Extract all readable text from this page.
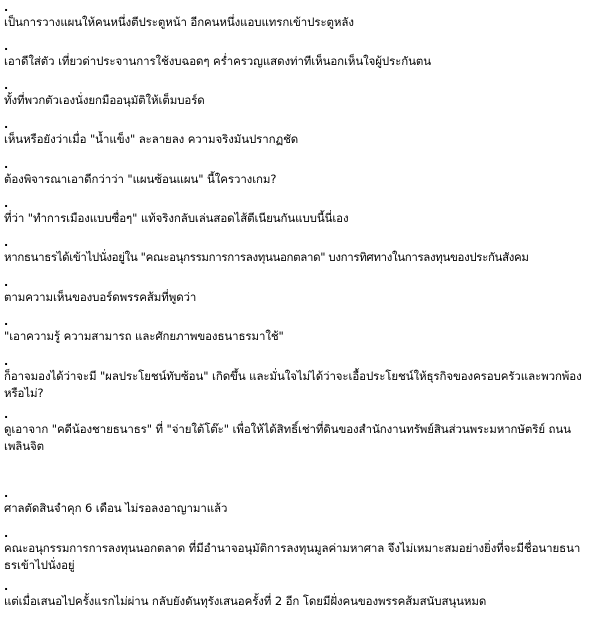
.
เป็นการวางแผนให้คนหนึ่งตีประตูหน้า อีกคนหนึ่งแอบแทรกเข้าประตูหลัง
.
เอาดีใส่ตัว เที่ยวด่าประจานการใช้งบฉอดๆ คร่ำครวญแสดงท่าทีเห็นอกเห็นใจผู้ประกันตน
.
ทั้งที่พวกตัวเองนั่งยกมืออนุมัติให้เต็มบอร์ด
.
เห็นหรือยังว่าเมื่อ "น้ำแข็ง" ละลายลง ความจริงมันปรากฏชัด
.
ต้องพิจารณาเอาดีกว่าว่า "แผนซ้อนแผน" นี้ใครวางเกม?
.
ที่ว่า "ทำการเมืองแบบซื่อๆ" แท้จริงกลับเล่นสอดไส้ตีเนียนกันแบบนี้นี่เอง
.
หากธนาธรได้เข้าไปนั่งอยู่ใน "คณะอนุกรรมการการลงทุนนอกตลาด" บงการทิศทางในการลงทุนของประกันสังคม
.
ตามความเห็นของบอร์ดพรรคส้มที่พูดว่า
.
"เอาความรู้ ความสามารถ และศักยภาพของธนาธรมาใช้"
.
ก็อาจมองได้ว่าจะมี "ผลประโยชน์ทับซ้อน" เกิดขึ้น และมั่นใจไม่ได้ว่าจะเอื้อประโยชน์ให้ธุรกิจของครอบครัวและพวกพ้อง หรือไม่?
.
ดูเอาจาก "คดีน้องชายธนาธร" ที่ "จ่ายใต้โต๊ะ" เพื่อให้ได้สิทธิ์เช่าที่ดินของสำนักงานทรัพย์สินส่วนพระมหากษัตริย์ ถนนเพลินจิต
.
ศาลตัดสินจำคุก 6 เดือน ไม่รอลงอาญามาแล้ว
.
คณะอนุกรรมการการลงทุนนอกตลาด ที่มีอำนาจอนุมัติการลงทุนมูลค่ามหาศาล จึงไม่เหมาะสมอย่างยิ่งที่จะมีชื่อนายธนาธรเข้าไปนั่งอยู่
.
แต่เมื่อเสนอไปครั้งแรกไม่ผ่าน กลับยังดันทุรังเสนอครั้งที่ 2 อีก โดยมีฝั่งคนของพรรคส้มสนับสนุนหมด
